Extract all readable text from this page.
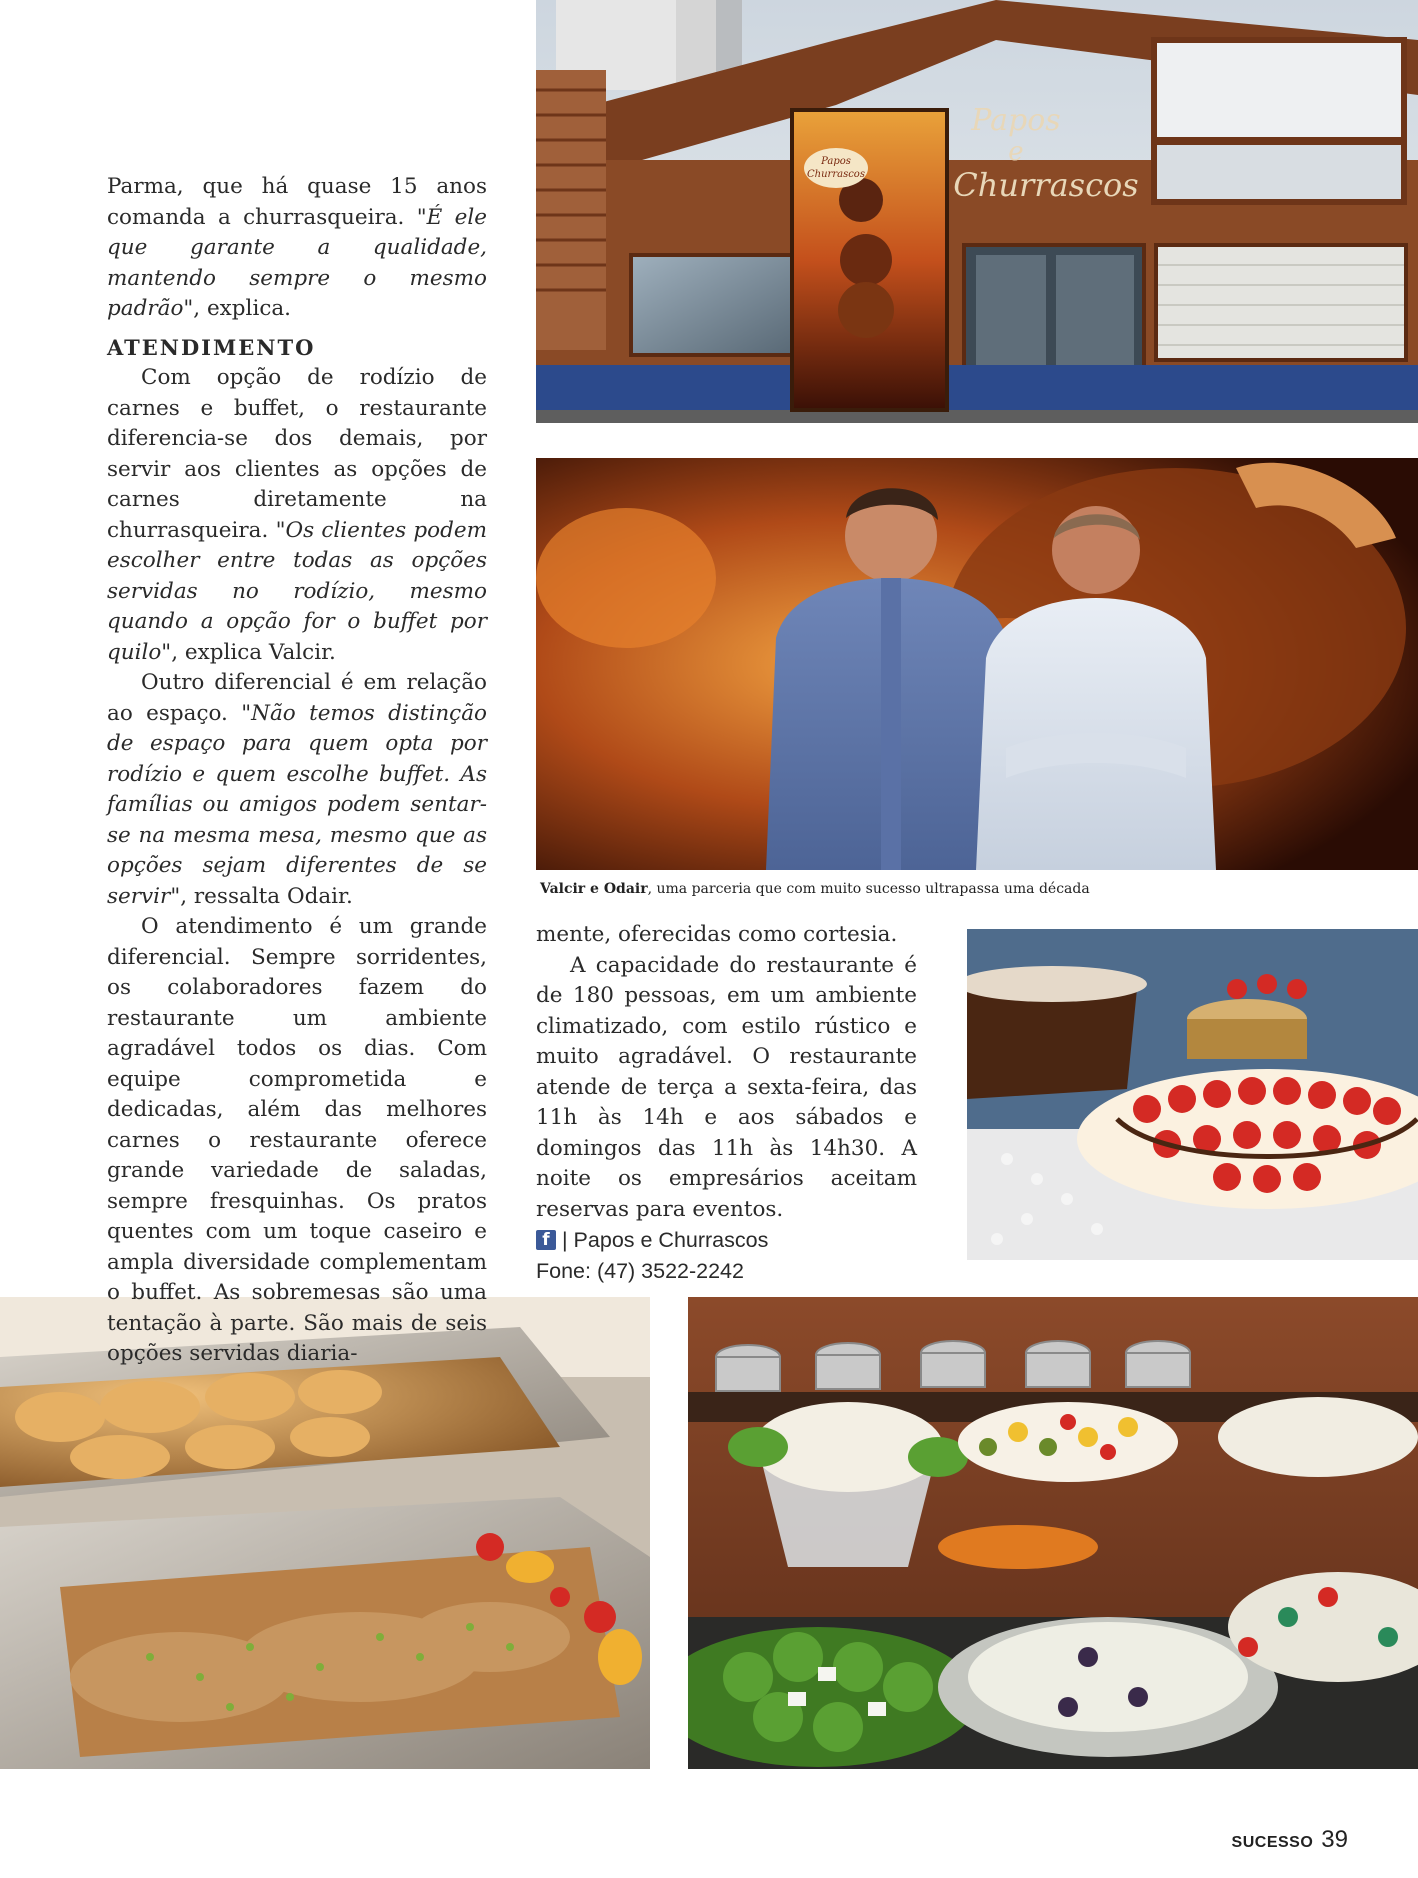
Papos
Churrascos
Papos
e
Churrascos
Valcir e Odair, uma parceria que com muito sucesso ultrapassa uma década

Parma, que há quase 15 anos comanda a churrasqueira. "É ele que garante a qualidade, mantendo sempre o mesmo padrão", explica.

ATENDIMENTO

Com opção de rodízio de carnes e buffet, o restaurante diferencia-se dos demais, por servir aos clientes as opções de carnes diretamente na churrasqueira. "Os clientes podem escolher entre todas as opções servidas no rodízio, mesmo quando a opção for o buffet por quilo", explica Valcir.

Outro diferencial é em relação ao espaço. "Não temos distinção de espaço para quem opta por rodízio e quem escolhe buffet. As famílias ou amigos podem sentar-se na mesma mesa, mesmo que as opções sejam diferentes de se servir", ressalta Odair.

O atendimento é um grande diferencial. Sempre sorridentes, os colaboradores fazem do restaurante um ambiente agradável todos os dias. Com equipe comprometida e dedicadas, além das melhores carnes o restaurante oferece grande variedade de saladas, sempre fresquinhas. Os pratos quentes com um toque caseiro e ampla diversidade complementam o buffet. As sobremesas são uma tentação à parte. São mais de seis opções servidas diaria-

mente, oferecidas como cortesia.

A capacidade do restaurante é de 180 pessoas, em um ambiente climatizado, com estilo rústico e muito agradável. O restaurante atende de terça a sexta-feira, das 11h às 14h e aos sábados e domingos das 11h às 14h30. A noite os empresários aceitam reservas para eventos.

f | Papos e Churrascos
Fone: (47) 3522-2242
SUCESSO 39
